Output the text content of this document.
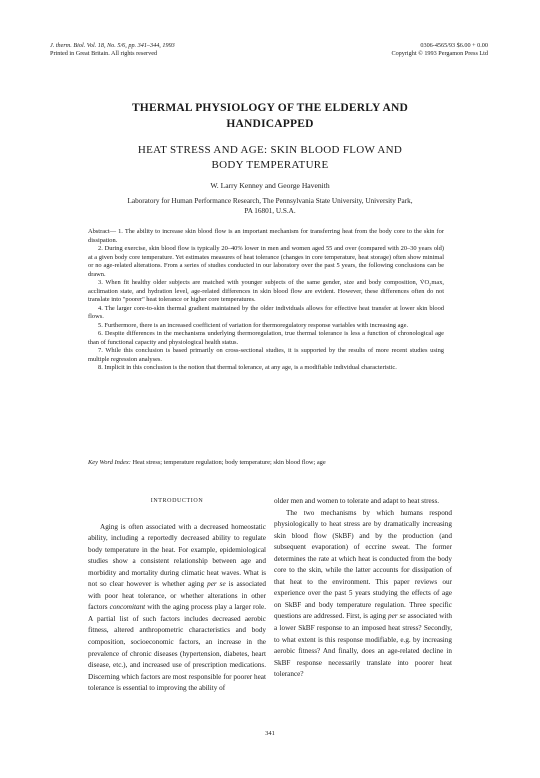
J. therm. Biol. Vol. 18, No. 5/6, pp. 341–344, 1993
Printed in Great Britain. All rights reserved
0306-4565/93 $6.00 + 0.00
Copyright © 1993 Pergamon Press Ltd
THERMAL PHYSIOLOGY OF THE ELDERLY AND
HANDICAPPED
HEAT STRESS AND AGE: SKIN BLOOD FLOW AND
BODY TEMPERATURE
W. Larry Kenney and George Havenith
Laboratory for Human Performance Research, The Pennsylvania State University, University Park,
PA 16801, U.S.A.

Abstract— 1. The ability to increase skin blood flow is an important mechanism for transferring heat from the body core to the skin for dissipation.

2. During exercise, skin blood flow is typically 20–40% lower in men and women aged 55 and over (compared with 20–30 years old) at a given body core temperature. Yet estimates measures of heat tolerance (changes in core temperature, heat storage) often show minimal or no age-related alterations. From a series of studies conducted in our laboratory over the past 5 years, the following conclusions can be drawn.

3. When fit healthy older subjects are matched with younger subjects of the same gender, size and body composition, V̇O₂max, acclimation state, and hydration level, age-related differences in skin blood flow are evident. However, these differences often do not translate into "poorer" heat tolerance or higher core temperatures.

4. The larger core-to-skin thermal gradient maintained by the older individuals allows for effective heat transfer at lower skin blood flows.

5. Furthermore, there is an increased coefficient of variation for thermoregulatory response variables with increasing age.

6. Despite differences in the mechanisms underlying thermoregulation, true thermal tolerance is less a function of chronological age than of functional capacity and physiological health status.

7. While this conclusion is based primarily on cross-sectional studies, it is supported by the results of more recent studies using multiple regression analyses.

8. Implicit in this conclusion is the notion that thermal tolerance, at any age, is a modifiable individual characteristic.

Key Word Index: Heat stress; temperature regulation; body temperature; skin blood flow; age
INTRODUCTION

Aging is often associated with a decreased homeostatic ability, including a reportedly decreased ability to regulate body temperature in the heat. For example, epidemiological studies show a consistent relationship between age and morbidity and mortality during climatic heat waves. What is not so clear however is whether aging per se is associated with poor heat tolerance, or whether alterations in other factors concomitant with the aging process play a larger role. A partial list of such factors includes decreased aerobic fitness, altered anthropometric characteristics and body composition, socioeconomic factors, an increase in the prevalence of chronic diseases (hypertension, diabetes, heart disease, etc.), and increased use of prescription medications. Discerning which factors are most responsible for poorer heat tolerance is essential to improving the ability of

older men and women to tolerate and adapt to heat stress.

The two mechanisms by which humans respond physiologically to heat stress are by dramatically increasing skin blood flow (SkBF) and by the production (and subsequent evaporation) of eccrine sweat. The former determines the rate at which heat is conducted from the body core to the skin, while the latter accounts for dissipation of that heat to the environment. This paper reviews our experience over the past 5 years studying the effects of age on SkBF and body temperature regulation. Three specific questions are addressed. First, is aging per se associated with a lower SkBF response to an imposed heat stress? Secondly, to what extent is this response modifiable, e.g. by increasing aerobic fitness? And finally, does an age-related decline in SkBF response necessarily translate into poorer heat tolerance?

341
